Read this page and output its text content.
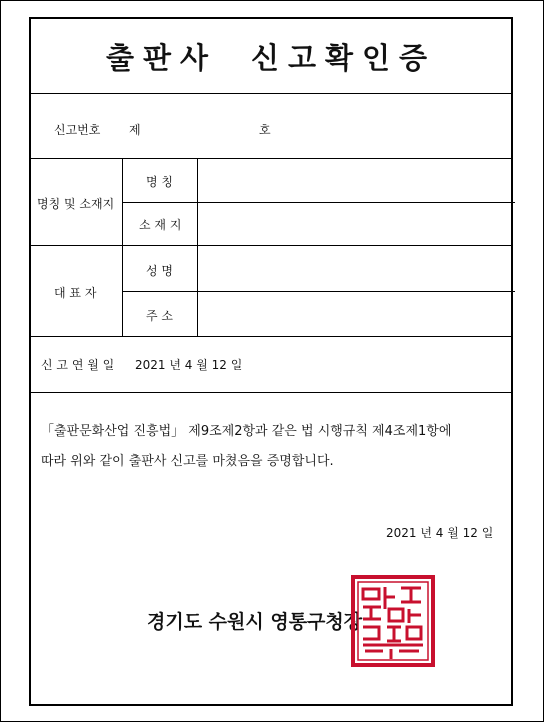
출판사 신고확인증
신고번호 제	호
명칭 및 소재지
명 칭
소 재 지
대 표 자
성 명
주 소
신 고 연 월 일 2021 년 4 월 12 일
「출판문화산업 진흥법」 제9조제2항과 같은 법 시행규칙 제4조제1항에
따라 위와 같이 출판사 신고를 마쳤음을 증명합니다.
2021 년 4 월 12 일
경기도 수원시 영통구청장
